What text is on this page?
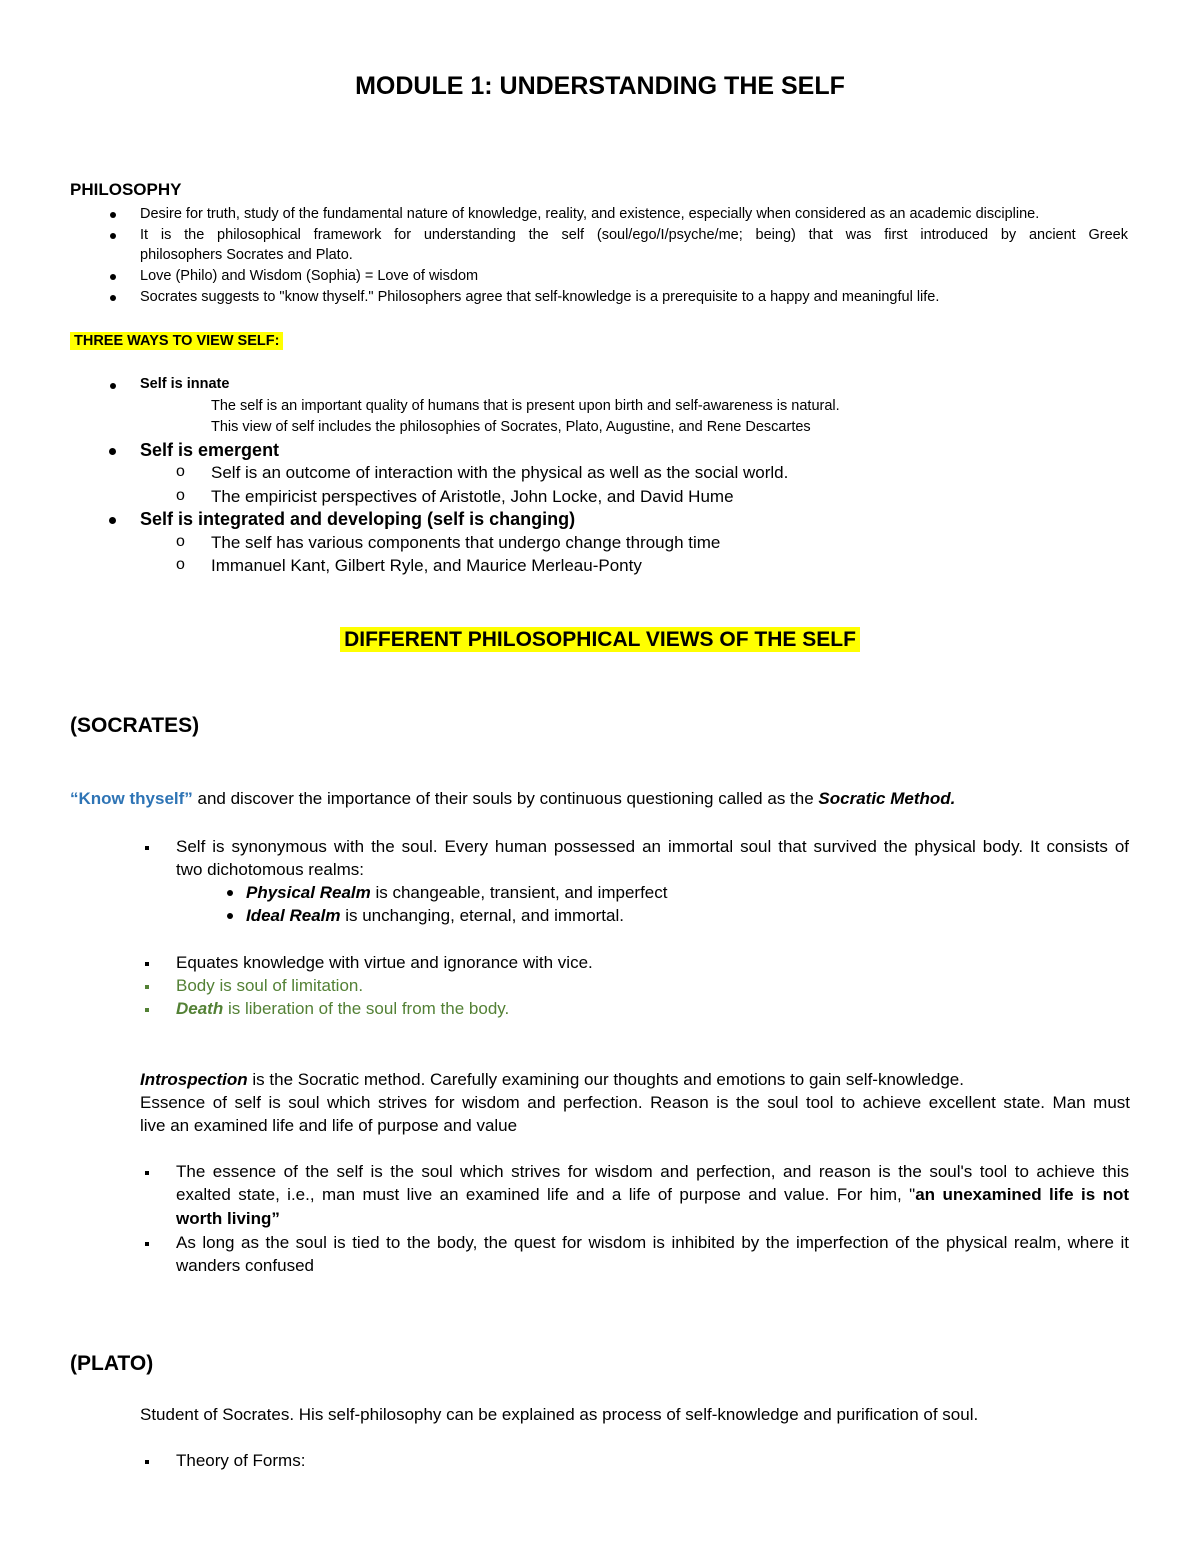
MODULE 1: UNDERSTANDING THE SELF
PHILOSOPHY
Desire for truth, study of the fundamental nature of knowledge, reality, and existence, especially when considered as an academic discipline.
It is the philosophical framework for understanding the self (soul/ego/I/psyche/me; being) that was first introduced by ancient Greek
philosophers Socrates and Plato.
Love (Philo) and Wisdom (Sophia) = Love of wisdom
Socrates suggests to "know thyself." Philosophers agree that self-knowledge is a prerequisite to a happy and meaningful life.
THREE WAYS TO VIEW SELF:
Self is innate
The self is an important quality of humans that is present upon birth and self-awareness is natural.
This view of self includes the philosophies of Socrates, Plato, Augustine, and Rene Descartes
Self is emergent
o Self is an outcome of interaction with the physical as well as the social world.
o The empiricist perspectives of Aristotle, John Locke, and David Hume
Self is integrated and developing (self is changing)
o The self has various components that undergo change through time
o Immanuel Kant, Gilbert Ryle, and Maurice Merleau-Ponty
DIFFERENT PHILOSOPHICAL VIEWS OF THE SELF
(SOCRATES)
“Know thyself” and discover the importance of their souls by continuous questioning called as the Socratic Method.
Self is synonymous with the soul. Every human possessed an immortal soul that survived the physical body. It consists of
two dichotomous realms:
Physical Realm is changeable, transient, and imperfect
Ideal Realm is unchanging, eternal, and immortal.
Equates knowledge with virtue and ignorance with vice.
Body is soul of limitation.
Death is liberation of the soul from the body.
Introspection is the Socratic method. Carefully examining our thoughts and emotions to gain self-knowledge.
Essence of self is soul which strives for wisdom and perfection. Reason is the soul tool to achieve excellent state. Man must
live an examined life and life of purpose and value
The essence of the self is the soul which strives for wisdom and perfection, and reason is the soul's tool to achieve this
exalted state, i.e., man must live an examined life and a life of purpose and value. For him, "an unexamined life is not
worth living”
As long as the soul is tied to the body, the quest for wisdom is inhibited by the imperfection of the physical realm, where it
wanders confused
(PLATO)
Student of Socrates. His self-philosophy can be explained as process of self-knowledge and purification of soul.
Theory of Forms:
